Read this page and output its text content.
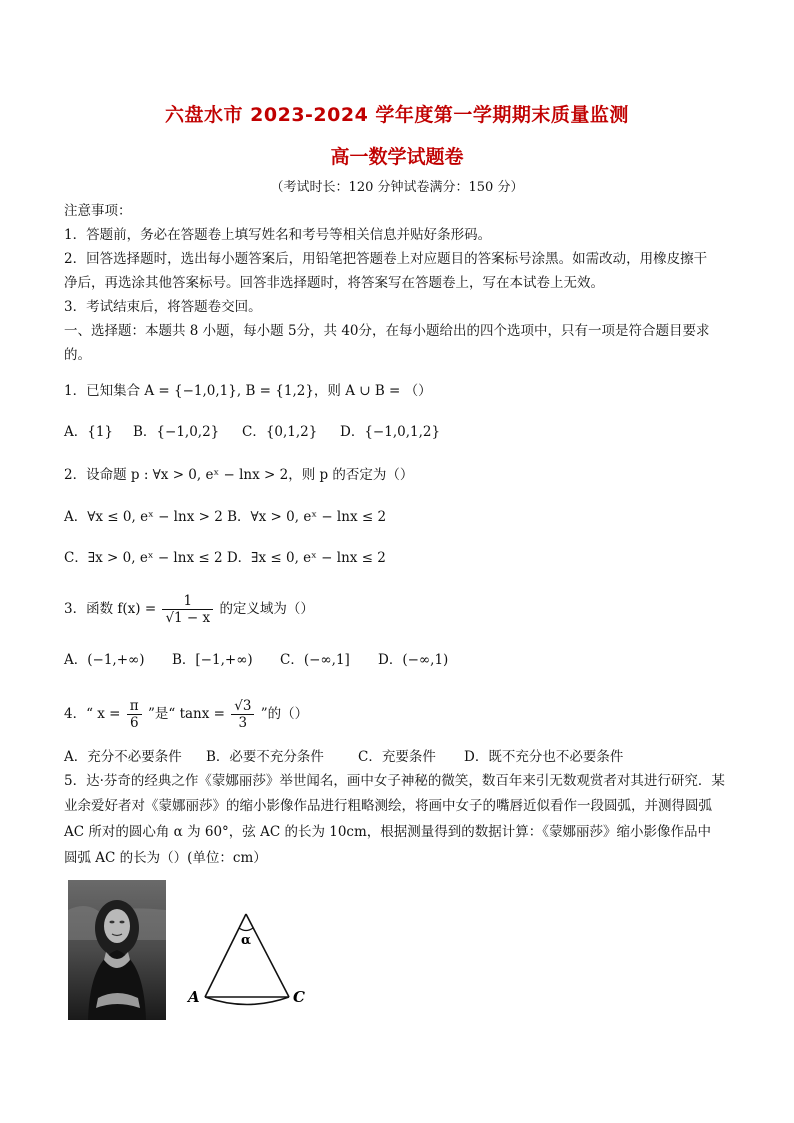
六盘水市 2023-2024 学年度第一学期期末质量监测
高一数学试题卷
（考试时长：120 分钟试卷满分：150 分）
注意事项：
1．答题前，务必在答题卷上填写姓名和考号等相关信息并贴好条形码。
2．回答选择题时，选出每小题答案后，用铅笔把答题卷上对应题目的答案标号涂黑。如需改动，用橡皮擦干
净后，再选涂其他答案标号。回答非选择题时，将答案写在答题卷上，写在本试卷上无效。
3．考试结束后，将答题卷交回。
一、选择题：本题共 8 小题，每小题 5分，共 40分，在每小题给出的四个选项中，只有一项是符合题目要求
的。
1．已知集合 A = {−1,0,1}, B = {1,2}，则 A ∪ B = （）
A．{1} B．{−1,0,2} C．{0,1,2} D．{−1,0,1,2}
2．设命题 p : ∀x > 0, eˣ − lnx > 2，则 p 的否定为（）
A．∀x ≤ 0, eˣ − lnx > 2 B．∀x > 0, eˣ − lnx ≤ 2
C．∃x > 0, eˣ − lnx ≤ 2 D．∃x ≤ 0, eˣ − lnx ≤ 2
3．函数 $f(x) = \frac{1}{√1 - x}$ 的定义域为（）
A．(−1,+∞) B．[−1,+∞) C．(−∞,1] D．(−∞,1)
4．“ $x = \frac{\pi}{6}$ ”是“ $\tan x = \frac{√3}{3}$ ”的（）
A．充分不必要条件 B．必要不充分条件	C．充要条件 D．既不充分也不必要条件
5．达·芬奇的经典之作《蒙娜丽莎》举世闻名，画中女子神秘的微笑，数百年来引无数观赏者对其进行研究．某
业余爱好者对《蒙娜丽莎》的缩小影像作品进行粗略测绘，将画中女子的嘴唇近似看作一段圆弧，并测得圆弧
AC 所对的圆心角 α 为 60°，弦 AC 的长为 10cm，根据测量得到的数据计算：《蒙娜丽莎》缩小影像作品中
圆弧 AC 的长为（）(单位：cm）
α
A	C
